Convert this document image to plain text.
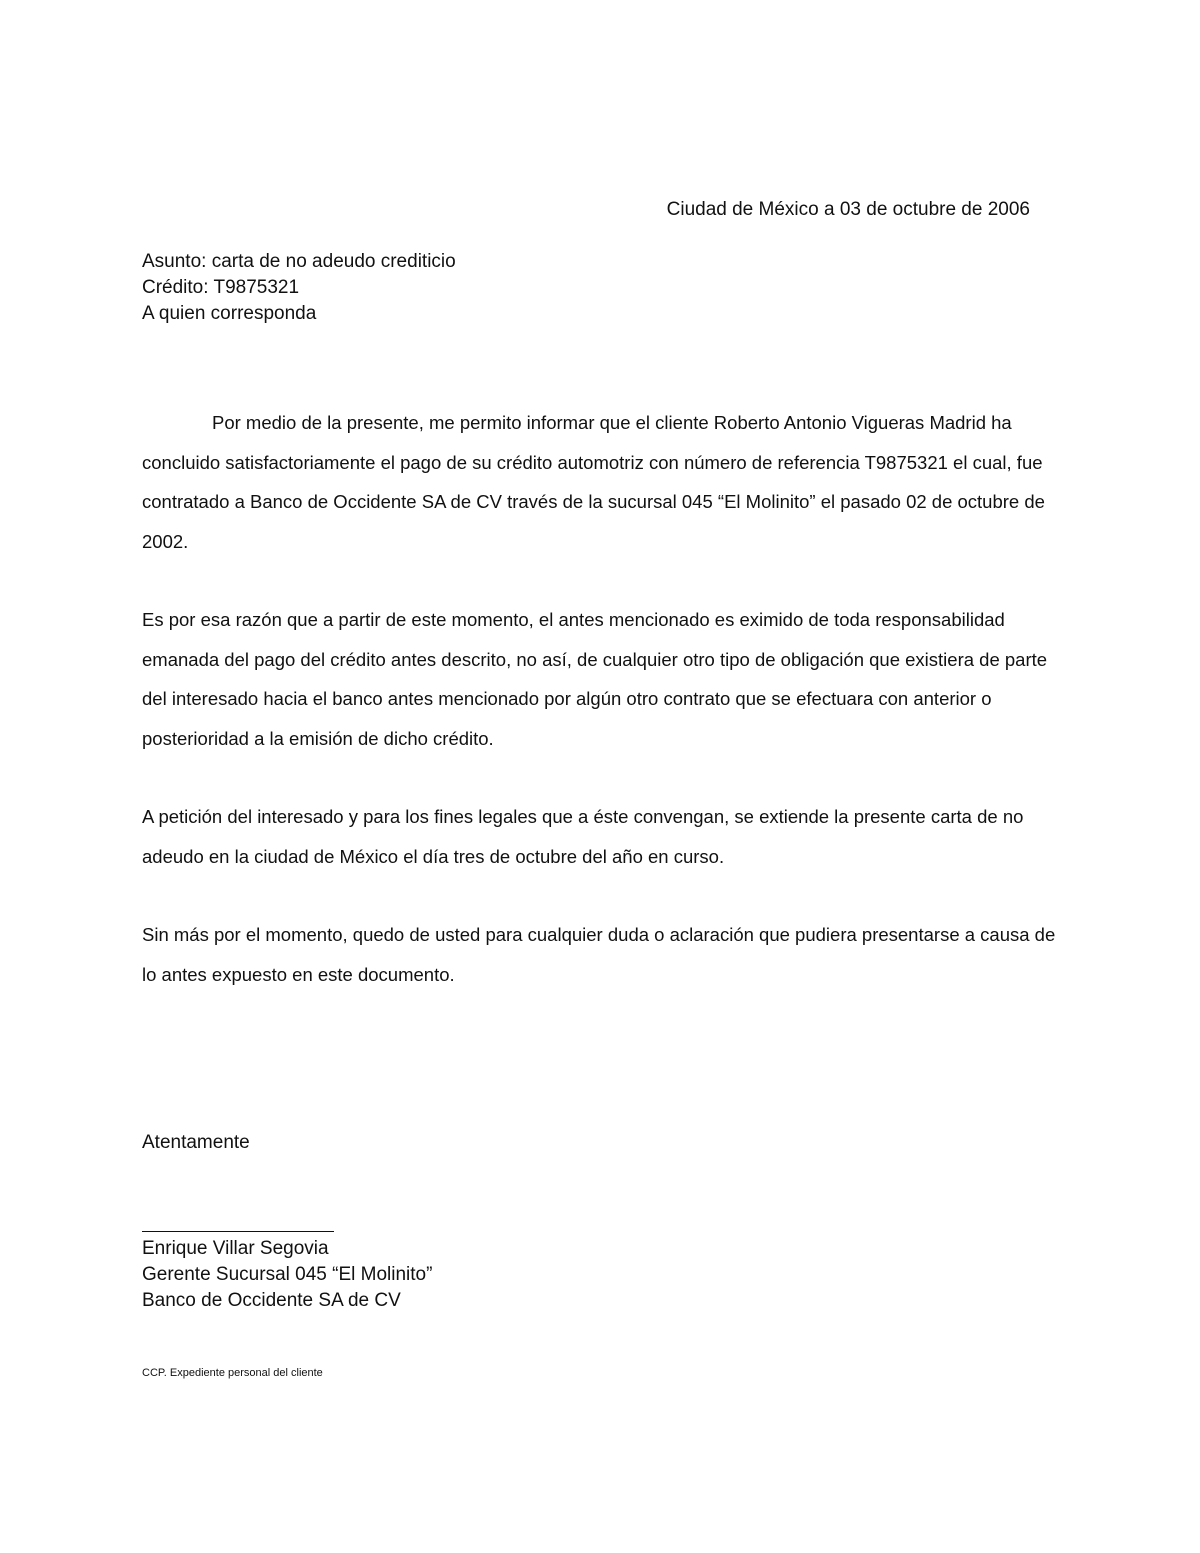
Ciudad de México a 03 de octubre de 2006
Asunto: carta de no adeudo crediticio
Crédito: T9875321
A quien corresponda

Por medio de la presente, me permito informar que el cliente Roberto Antonio Vigueras Madrid ha concluido satisfactoriamente el pago de su crédito automotriz con número de referencia T9875321 el cual, fue contratado a Banco de Occidente SA de CV través de la sucursal 045 “El Molinito” el pasado 02 de octubre de 2002.

Es por esa razón que a partir de este momento, el antes mencionado es eximido de toda responsabilidad emanada del pago del crédito antes descrito, no así, de cualquier otro tipo de obligación que existiera de parte del interesado hacia el banco antes mencionado por algún otro contrato que se efectuara con anterior o posterioridad a la emisión de dicho crédito.

A petición del interesado y para los fines legales que a éste convengan, se extiende la presente carta de no adeudo en la ciudad de México el día tres de octubre del año en curso.

Sin más por el momento, quedo de usted para cualquier duda o aclaración que pudiera presentarse a causa de lo antes expuesto en este documento.

Atentamente
Enrique Villar Segovia
Gerente Sucursal 045 “El Molinito”
Banco de Occidente SA de CV
CCP. Expediente personal del cliente
